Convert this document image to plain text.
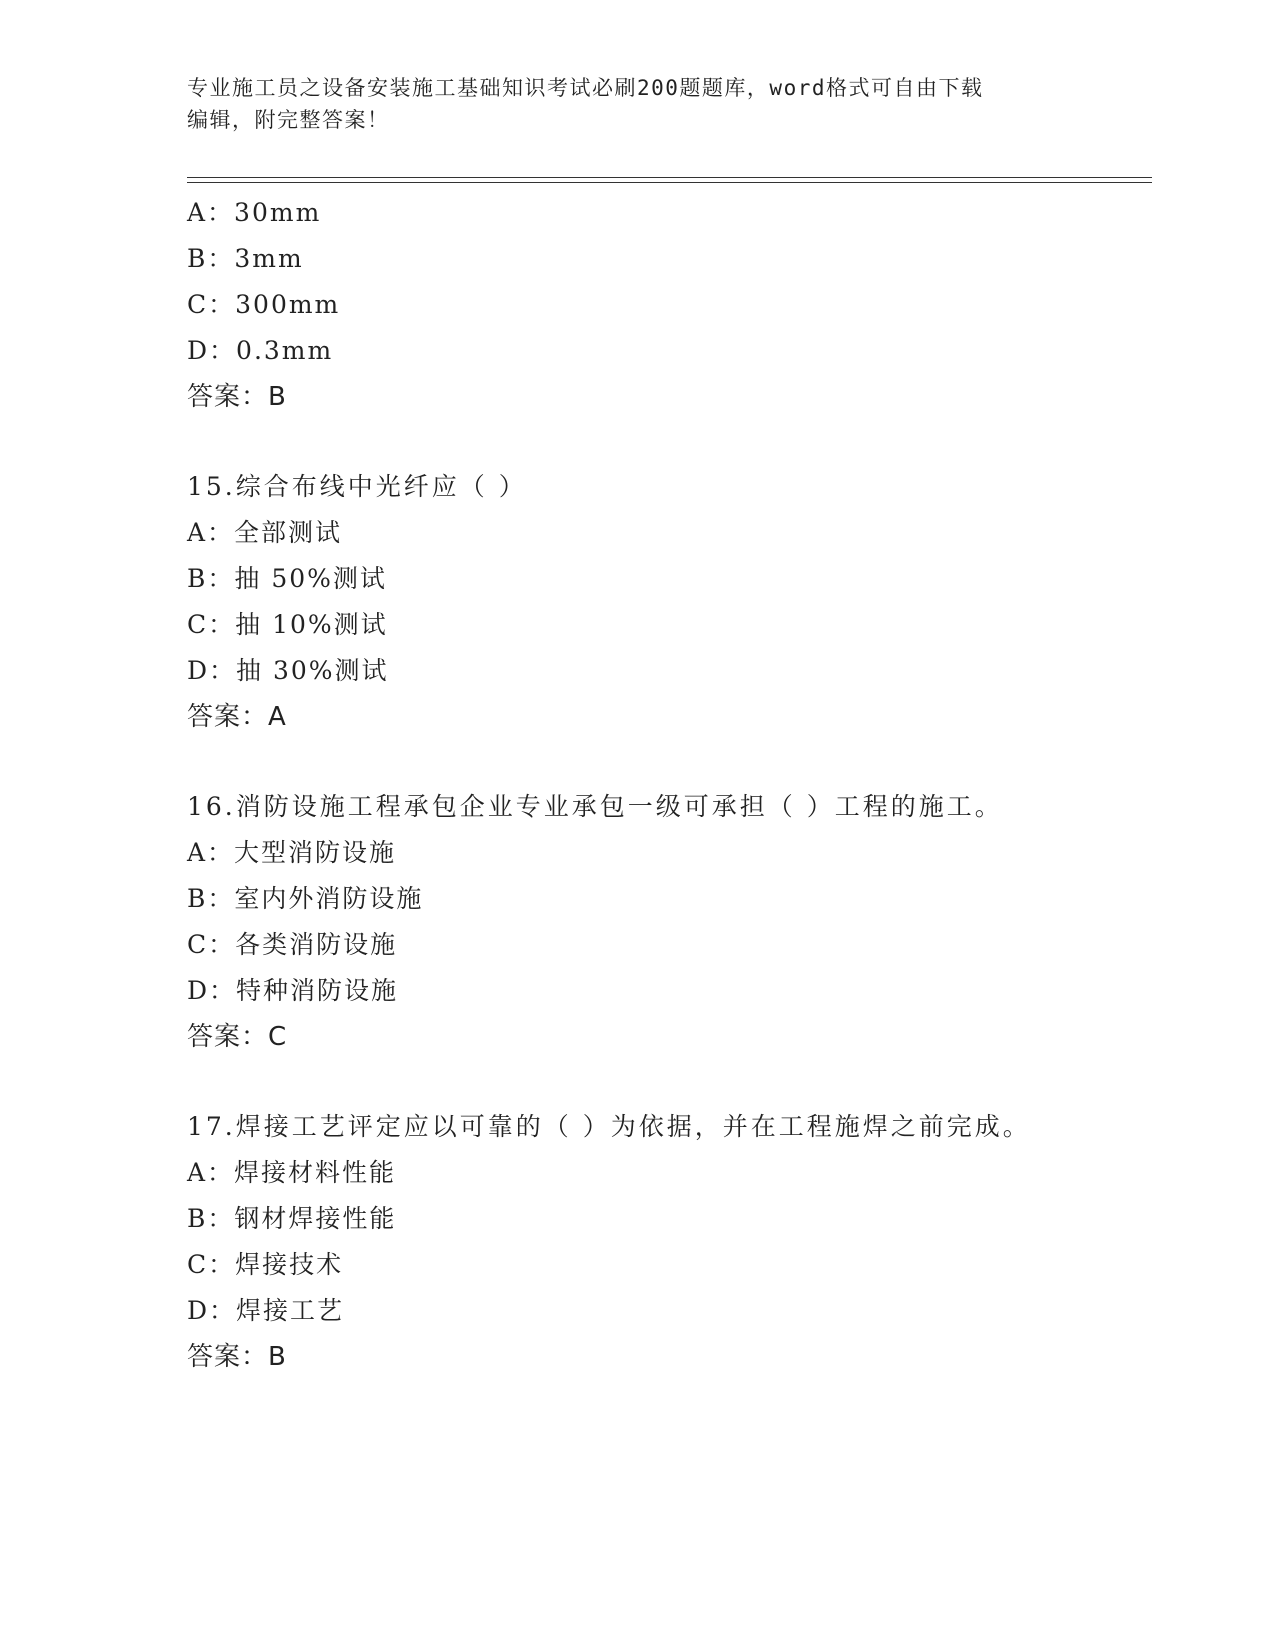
专业施工员之设备安装施工基础知识考试必刷200题题库，word格式可自由下载
编辑，附完整答案！
A：30mm
B：3mm
C：300mm
D：0.3mm
答案：B
15.综合布线中光纤应（ ）
A：全部测试
B：抽 50%测试
C：抽 10%测试
D：抽 30%测试
答案：A
16.消防设施工程承包企业专业承包一级可承担（ ）工程的施工。
A：大型消防设施
B：室内外消防设施
C：各类消防设施
D：特种消防设施
答案：C
17.焊接工艺评定应以可靠的（ ）为依据，并在工程施焊之前完成。
A：焊接材料性能
B：钢材焊接性能
C：焊接技术
D：焊接工艺
答案：B
